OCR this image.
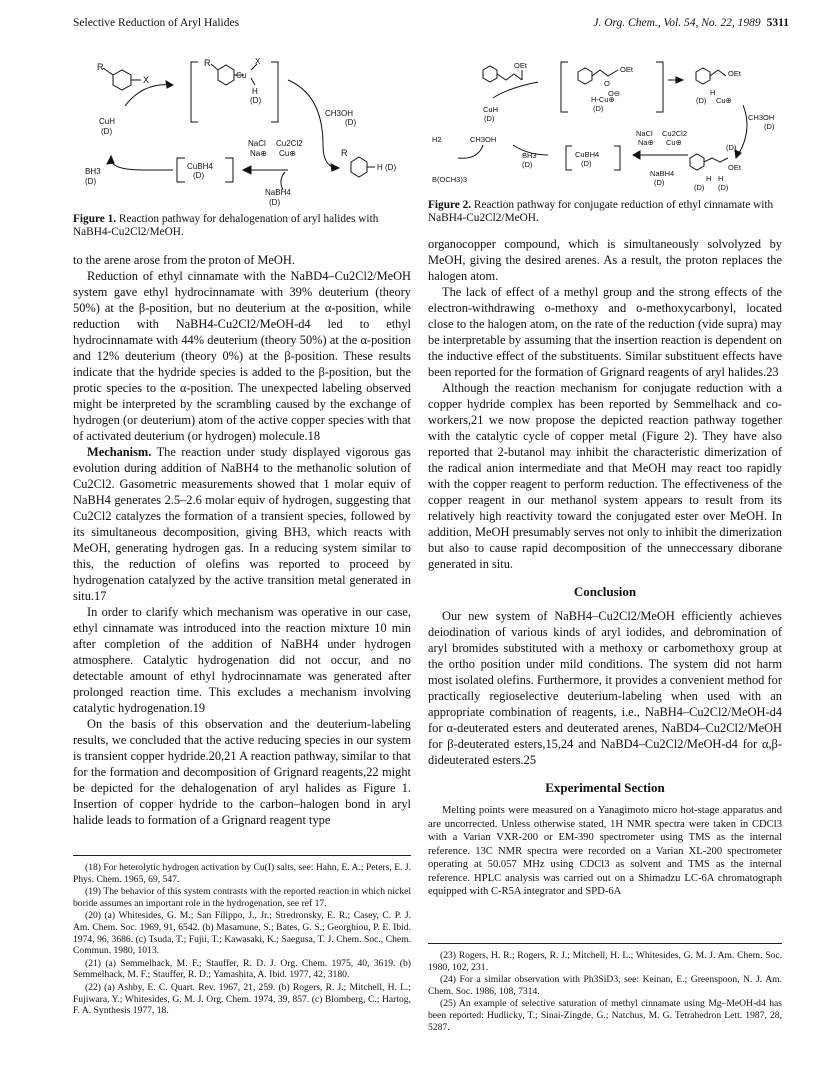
Selective Reduction of Aryl Halides	J. Org. Chem., Vol. 54, No. 22, 1989 5311
R
X
R
Cu
X
H
(D)
CH3OH
(D)
CuH
(D)
NaCl
Na⊕
Cu2Cl2
Cu⊕
CuBH4
(D)
BH3
(D)
NaBH4
(D)
R
H (D)
Figure 1. Reaction pathway for dehalogenation of aryl halides with NaBH4-Cu2Cl2/MeOH.
OEt	OEt
O
O⊖
H-Cu⊕
(D)
OEt
H
(D) Cu⊕
CH3OH
(D)
CuH
(D)
H2	CH3OH
BH3
(D)
NaCl
Na⊕
Cu2Cl2
Cu⊕
CuBH4
(D)
NaBH4
(D)
B(OCH3)3
(D)
OEt
H
(D)
H
(D)
Figure 2. Reaction pathway for conjugate reduction of ethyl cinnamate with NaBH4-Cu2Cl2/MeOH.

to the arene arose from the proton of MeOH.

Reduction of ethyl cinnamate with the NaBD4–Cu2Cl2/MeOH system gave ethyl hydrocinnamate with 39% deuterium (theory 50%) at the β-position, but no deuterium at the α-position, while reduction with NaBH4-Cu2Cl2/MeOH-d4 led to ethyl hydrocinnamate with 44% deuterium (theory 50%) at the α-position and 12% deuterium (theory 0%) at the β-position. These results indicate that the hydride species is added to the β-position, but the protic species to the α-position. The unexpected labeling observed might be interpreted by the scrambling caused by the exchange of hydrogen (or deuterium) atom of the active copper species with that of activated deuterium (or hydrogen) molecule.18

Mechanism. The reaction under study displayed vigorous gas evolution during addition of NaBH4 to the methanolic solution of Cu2Cl2. Gasometric measurements showed that 1 molar equiv of NaBH4 generates 2.5–2.6 molar equiv of hydrogen, suggesting that Cu2Cl2 catalyzes the formation of a transient species, followed by its simultaneous decomposition, giving BH3, which reacts with MeOH, generating hydrogen gas. In a reducing system similar to this, the reduction of olefins was reported to proceed by hydrogenation catalyzed by the active transition metal generated in situ.17

In order to clarify which mechanism was operative in our case, ethyl cinnamate was introduced into the reaction mixture 10 min after completion of the addition of NaBH4 under hydrogen atmosphere. Catalytic hydrogenation did not occur, and no detectable amount of ethyl hydrocinnamate was generated after prolonged reaction time. This excludes a mechanism involving catalytic hydrogenation.19

On the basis of this observation and the deuterium-labeling results, we concluded that the active reducing species in our system is transient copper hydride.20,21 A reaction pathway, similar to that for the formation and decomposition of Grignard reagents,22 might be depicted for the dehalogenation of aryl halides as Figure 1. Insertion of copper hydride to the carbon–halogen bond in aryl halide leads to formation of a Grignard reagent type

organocopper compound, which is simultaneously solvolyzed by MeOH, giving the desired arenes. As a result, the proton replaces the halogen atom.

The lack of effect of a methyl group and the strong effects of the electron-withdrawing o-methoxy and o-methoxycarbonyl, located close to the halogen atom, on the rate of the reduction (vide supra) may be interpretable by assuming that the insertion reaction is dependent on the inductive effect of the substituents. Similar substituent effects have been reported for the formation of Grignard reagents of aryl halides.23

Although the reaction mechanism for conjugate reduction with a copper hydride complex has been reported by Semmelhack and co-workers,21 we now propose the depicted reaction pathway together with the catalytic cycle of copper metal (Figure 2). They have also reported that 2-butanol may inhibit the characteristic dimerization of the radical anion intermediate and that MeOH may react too rapidly with the copper reagent to perform reduction. The effectiveness of the copper reagent in our methanol system appears to result from its relatively high reactivity toward the conjugated ester over MeOH. In addition, MeOH presumably serves not only to inhibit the dimerization but also to cause rapid decomposition of the unneccessary diborane generated in situ.

Conclusion

Our new system of NaBH4–Cu2Cl2/MeOH efficiently achieves deiodination of various kinds of aryl iodides, and debromination of aryl bromides substituted with a methoxy or carbomethoxy group at the ortho position under mild conditions. The system did not harm most isolated olefins. Furthermore, it provides a convenient method for practically regioselective deuterium-labeling when used with an appropriate combination of reagents, i.e., NaBH4–Cu2Cl2/MeOH-d4 for α-deuterated esters and deuterated arenes, NaBD4–Cu2Cl2/MeOH for β-deuterated esters,15,24 and NaBD4–Cu2Cl2/MeOH-d4 for α,β-dideuterated esters.25

Experimental Section

Melting points were measured on a Yanagimoto micro hot-stage apparatus and are uncorrected. Unless otherwise stated, 1H NMR spectra were taken in CDCl3 with a Varian VXR-200 or EM-390 spectrometer using TMS as the internal reference. 13C NMR spectra were recorded on a Varian XL-200 spectrometer operating at 50.057 MHz using CDCl3 as solvent and TMS as the internal reference. HPLC analysis was carried out on a Shimadzu LC-6A chromatograph equipped with C-R5A integrator and SPD-6A

(18) For heterolytic hydrogen activation by Cu(I) salts, see: Hahn, E. A.; Peters, E. J. Phys. Chem. 1965, 69, 547.

(19) The behavior of this system contrasts with the reported reaction in which nickel boride assumes an important role in the hydrogenation, see ref 17.

(20) (a) Whitesides, G. M.; San Filippo, J., Jr.; Stredronsky, E. R.; Casey, C. P. J. Am. Chem. Soc. 1969, 91, 6542. (b) Masamune, S.; Bates, G. S.; Georghiou, P. E. Ibid. 1974, 96, 3686. (c) Tsuda, T.; Fujii, T.; Kawasaki, K.; Saegusa, T. J. Chem. Soc., Chem. Commun. 1980, 1013.

(21) (a) Semmelhack, M. F.; Stauffer, R. D. J. Org. Chem. 1975, 40, 3619. (b) Semmelhack, M. F.; Stauffer, R. D.; Yamashita, A. Ibid. 1977, 42, 3180.

(22) (a) Ashby, E. C. Quart. Rev. 1967, 21, 259. (b) Rogers, R. J.; Mitchell, H. L.; Fujiwara, Y.; Whitesides, G. M. J. Org. Chem. 1974, 39, 857. (c) Blomberg, C.; Hartog, F. A. Synthesis 1977, 18.

(23) Rogers, H. R.; Rogers, R. J.; Mitchell, H. L.; Whitesides, G. M. J. Am. Chem. Soc. 1980, 102, 231.

(24) For a similar observation with Ph3SiD3, see: Keinan, E.; Greenspoon, N. J. Am. Chem. Soc. 1986, 108, 7314.

(25) An example of selective saturation of methyl cinnamate using Mg–MeOH-d4 has been reported: Hudlicky, T.; Sinai-Zingde, G.; Natchus, M. G. Tetrahedron Lett. 1987, 28, 5287.
